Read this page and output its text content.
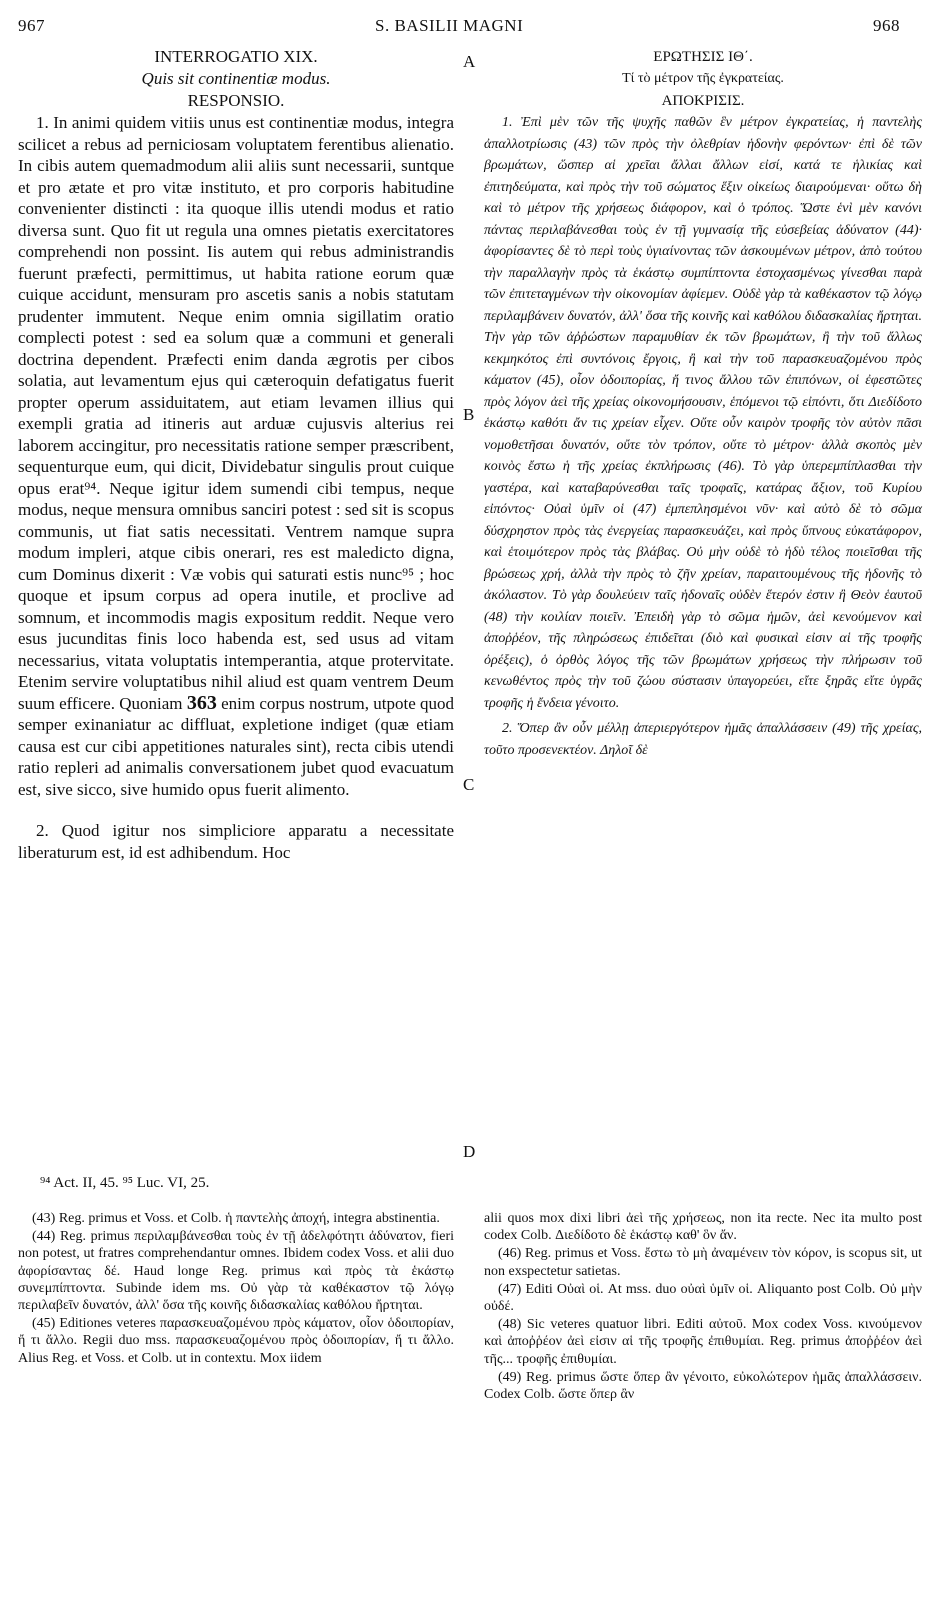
967	S. BASILII MAGNI	968

INTERROGATIO XIX.

Quis sit continentiæ modus.

RESPONSIO.

1. In animi quidem vitiis unus est continentiæ modus, integra scilicet a rebus ad perniciosam voluptatem ferentibus alienatio. In cibis autem quemadmodum alii aliis sunt necessarii, suntque et pro ætate et pro vitæ instituto, et pro corporis habitudine convenienter distincti : ita quoque illis utendi modus et ratio diversa sunt. Quo fit ut regula una omnes pietatis exercitatores comprehendi non possint. Iis autem qui rebus administrandis fuerunt præfecti, permittimus, ut habita ratione eorum quæ cuique accidunt, mensuram pro ascetis sanis a nobis statutam prudenter immutent. Neque enim omnia sigillatim oratio complecti potest : sed ea solum quæ a communi et generali doctrina dependent. Præfecti enim danda ægrotis per cibos solatia, aut levamentum ejus qui cæteroquin defatigatus fuerit propter operum assiduitatem, aut etiam levamen illius qui exempli gratia ad itineris aut arduæ cujusvis alterius rei laborem accingitur, pro necessitatis ratione semper præscribent, sequenturque eum, qui dicit, Dividebatur singulis prout cuique opus erat⁹⁴. Neque igitur idem sumendi cibi tempus, neque modus, neque mensura omnibus sanciri potest : sed sit is scopus communis, ut fiat satis necessitati. Ventrem namque supra modum impleri, atque cibis onerari, res est maledicto digna, cum Dominus dixerit : Væ vobis qui saturati estis nunc⁹⁵ ; hoc quoque et ipsum corpus ad opera inutile, et proclive ad somnum, et incommodis magis expositum reddit. Neque vero esus jucunditas finis loco habenda est, sed usus ad vitam necessarius, vitata voluptatis intemperantia, atque protervitate. Etenim servire voluptatibus nihil aliud est quam ventrem Deum suum efficere. Quoniam 363 enim corpus nostrum, utpote quod semper exinaniatur ac diffluat, expletione indiget (quæ etiam causa est cur cibi appetitiones naturales sint), recta cibis utendi ratio repleri ad animalis conversationem jubet quod evacuatum est, sive sicco, sive humido opus fuerit alimento.

2. Quod igitur nos simpliciore apparatu a necessitate liberaturum est, id est adhibendum. Hoc

A
B
C
D

ΕΡΩΤΗΣΙΣ ΙΘ΄.

Τί τὸ μέτρον τῆς ἐγκρατείας.

ΑΠΟΚΡΙΣΙΣ.

1. Ἐπὶ μὲν τῶν τῆς ψυχῆς παθῶν ἓν μέτρον ἐγκρατείας, ἡ παντελὴς ἀπαλλοτρίωσις (43) τῶν πρὸς τὴν ὀλεθρίαν ἡδονὴν φερόντων· ἐπὶ δὲ τῶν βρωμάτων, ὥσπερ αἱ χρεῖαι ἄλλαι ἄλλων εἰσί, κατά τε ἡλικίας καὶ ἐπιτηδεύματα, καὶ πρὸς τὴν τοῦ σώματος ἕξιν οἰκείως διαιρούμεναι· οὕτω δὴ καὶ τὸ μέτρον τῆς χρήσεως διάφορον, καὶ ὁ τρόπος. Ὥστε ἑνὶ μὲν κανόνι πάντας περιλαβάνεσθαι τοὺς ἐν τῇ γυμνασίᾳ τῆς εὐσεβείας ἀδύνατον (44)· ἀφορίσαντες δὲ τὸ περὶ τοὺς ὑγιαίνοντας τῶν ἀσκουμένων μέτρον, ἀπὸ τούτου τὴν παραλλαγὴν πρὸς τὰ ἑκάστῳ συμπίπτοντα ἐστοχασμένως γίνεσθαι παρὰ τῶν ἐπιτεταγμένων τὴν οἰκονομίαν ἀφίεμεν. Οὐδὲ γὰρ τὰ καθέκαστον τῷ λόγῳ περιλαμβάνειν δυνατόν, ἀλλ' ὅσα τῆς κοινῆς καὶ καθόλου διδασκαλίας ἤρτηται. Τὴν γὰρ τῶν ἀῤῥώστων παραμυθίαν ἐκ τῶν βρωμάτων, ἢ τὴν τοῦ ἄλλως κεκμηκότος ἐπὶ συντόνοις ἔργοις, ἢ καὶ τὴν τοῦ παρασκευαζομένου πρὸς κάματον (45), οἷον ὁδοιπορίας, ἤ τινος ἄλλου τῶν ἐπιπόνων, οἱ ἐφεστῶτες πρὸς λόγον ἀεὶ τῆς χρείας οἰκονομήσουσιν, ἑπόμενοι τῷ εἰπόντι, ὅτι Διεδίδοτο ἑκάστῳ καθότι ἄν τις χρείαν εἶχεν. Οὔτε οὖν καιρὸν τροφῆς τὸν αὐτὸν πᾶσι νομοθετῆσαι δυνατόν, οὔτε τὸν τρόπον, οὔτε τὸ μέτρον· ἀλλὰ σκοπὸς μὲν κοινὸς ἔστω ἡ τῆς χρείας ἐκπλήρωσις (46). Τὸ γὰρ ὑπερεμπίπλασθαι τὴν γαστέρα, καὶ καταβαρύνεσθαι ταῖς τροφαῖς, κατάρας ἄξιον, τοῦ Κυρίου εἰπόντος· Οὐαὶ ὑμῖν οἱ (47) ἐμπεπλησμένοι νῦν· καὶ αὐτὸ δὲ τὸ σῶμα δύσχρηστον πρὸς τὰς ἐνεργείας παρασκευάζει, καὶ πρὸς ὕπνους εὐκατάφορον, καὶ ἑτοιμότερον πρὸς τὰς βλάβας. Οὐ μὴν οὐδὲ τὸ ἡδὺ τέλος ποιεῖσθαι τῆς βρώσεως χρή, ἀλλὰ τὴν πρὸς τὸ ζῆν χρείαν, παραιτουμένους τῆς ἡδονῆς τὸ ἀκόλαστον. Τὸ γὰρ δουλεύειν ταῖς ἡδοναῖς οὐδὲν ἕτερόν ἐστιν ἢ Θεὸν ἑαυτοῦ (48) τὴν κοιλίαν ποιεῖν. Ἐπειδὴ γὰρ τὸ σῶμα ἡμῶν, ἀεὶ κενούμενον καὶ ἀποῤῥέον, τῆς πληρώσεως ἐπιδεῖται (διὸ καὶ φυσικαὶ εἰσιν αἱ τῆς τροφῆς ὀρέξεις), ὁ ὀρθὸς λόγος τῆς τῶν βρωμάτων χρήσεως τὴν πλήρωσιν τοῦ κενωθέντος πρὸς τὴν τοῦ ζώου σύστασιν ὑπαγορεύει, εἴτε ξηρᾶς εἴτε ὑγρᾶς τροφῆς ἡ ἔνδεια γένοιτο.

2. Ὅπερ ἂν οὖν μέλλῃ ἀπεριεργότερον ἡμᾶς ἀπαλλάσσειν (49) τῆς χρείας, τοῦτο προσενεκτέον. Δηλοῖ δὲ

⁹⁴ Act. II, 45. ⁹⁵ Luc. VI, 25.

(43) Reg. primus et Voss. et Colb. ἡ παντελὴς ἀποχή, integra abstinentia.

(44) Reg. primus περιλαμβάνεσθαι τοὺς ἐν τῇ ἀδελφότητι ἀδύνατον, fieri non potest, ut fratres comprehendantur omnes. Ibidem codex Voss. et alii duo ἀφορίσαντας δέ. Haud longe Reg. primus καὶ πρὸς τὰ ἑκάστῳ συνεμπίπτοντα. Subinde idem ms. Οὐ γὰρ τὰ καθέκαστον τῷ λόγῳ περιλαβεῖν δυνατόν, ἀλλ' ὅσα τῆς κοινῆς διδασκαλίας καθόλου ἤρτηται.

(45) Editiones veteres παρασκευαζομένου πρὸς κάματον, οἷον ὁδοιπορίαν, ἤ τι ἄλλο. Regii duo mss. παρασκευαζομένου πρὸς ὁδοιπορίαν, ἤ τι ἄλλο. Alius Reg. et Voss. et Colb. ut in contextu. Mox iidem

alii quos mox dixi libri ἀεὶ τῆς χρήσεως, non ita recte. Nec ita multo post codex Colb. Διεδίδοτο δὲ ἑκάστῳ καθ' ὃν ἄν.

(46) Reg. primus et Voss. ἔστω τὸ μὴ ἀναμένειν τὸν κόρον, is scopus sit, ut non exspectetur satietas.

(47) Editi Οὐαὶ οἱ. At mss. duo οὐαὶ ὑμῖν οἱ. Aliquanto post Colb. Οὐ μὴν οὐδέ.

(48) Sic veteres quatuor libri. Editi αὐτοῦ. Mox codex Voss. κινούμενον καὶ ἀποῤῥέον ἀεὶ εἰσιν αἱ τῆς τροφῆς ἐπιθυμίαι. Reg. primus ἀποῤῥέον ἀεὶ τῆς... τροφῆς ἐπιθυμίαι.

(49) Reg. primus ὥστε ὅπερ ἂν γένοιτο, εὐκολώτερον ἡμᾶς ἀπαλλάσσειν. Codex Colb. ὥστε ὅπερ ἂν
